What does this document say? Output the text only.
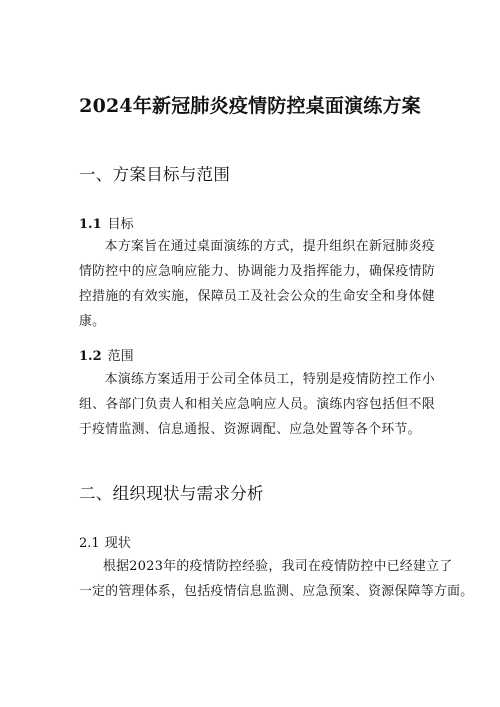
2024年新冠肺炎疫情防控桌面演练方案
一、方案目标与范围
1.1 目标

本方案旨在通过桌面演练的方式，提升组织在新冠肺炎疫情防控中的应急响应能力、协调能力及指挥能力，确保疫情防控措施的有效实施，保障员工及社会公众的生命安全和身体健康。

1.2 范围

本演练方案适用于公司全体员工，特别是疫情防控工作小组、各部门负责人和相关应急响应人员。演练内容包括但不限于疫情监测、信息通报、资源调配、应急处置等各个环节。

二、组织现状与需求分析
2.1 现状

根据2023年的疫情防控经验，我司在疫情防控中已经建立了

一定的管理体系，包括疫情信息监测、应急预案、资源保障等方面。
